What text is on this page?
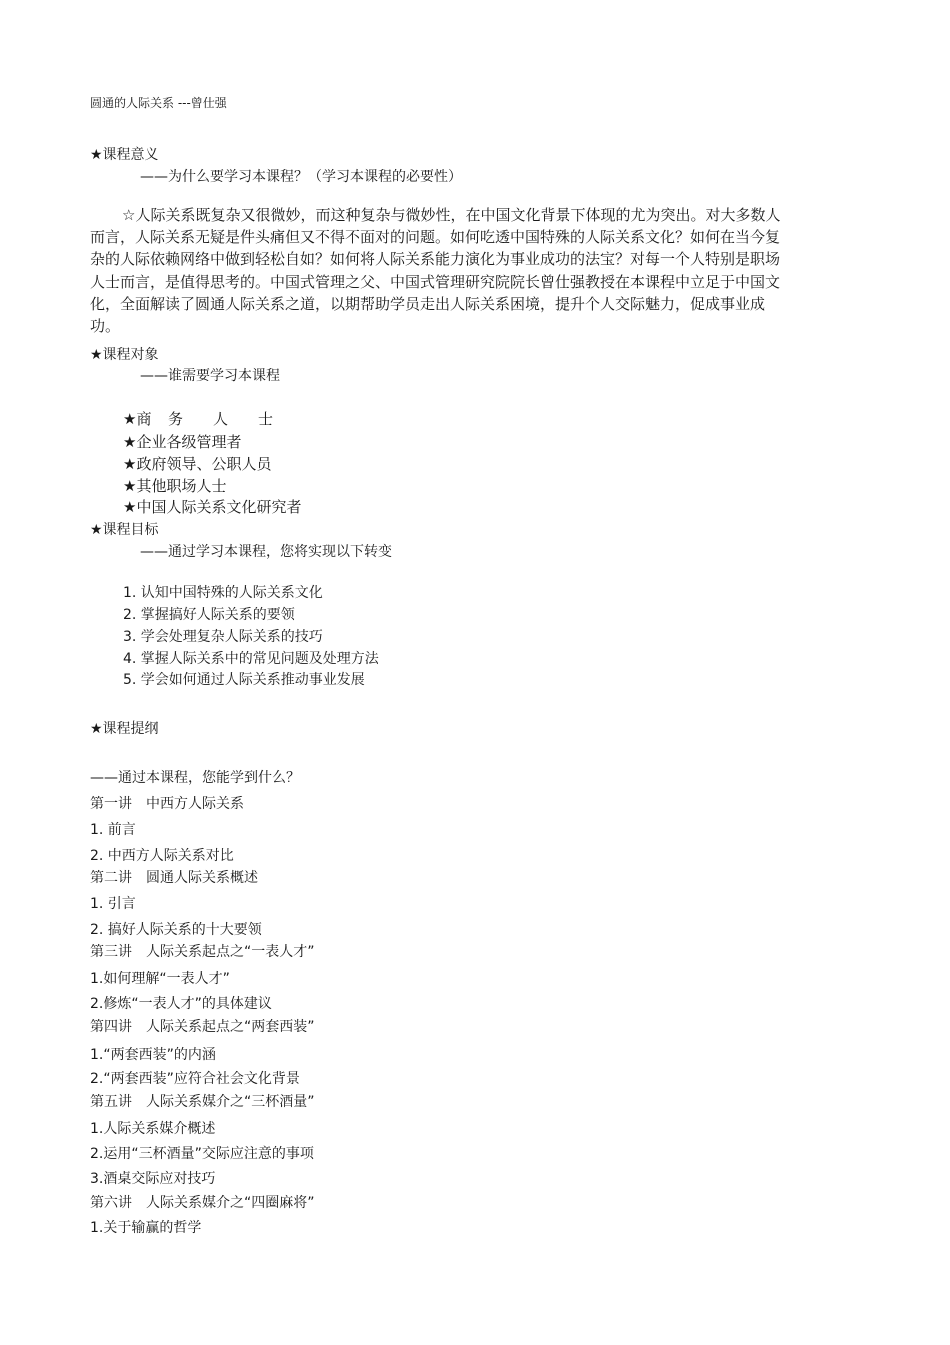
圆通的人际关系 ---曾仕强
★课程意义
——为什么要学习本课程？（学习本课程的必要性）
☆人际关系既复杂又很微妙，而这种复杂与微妙性，在中国文化背景下体现的尤为突出。对大多数人而言，人际关系无疑是件头痛但又不得不面对的问题。如何吃透中国特殊的人际关系文化？如何在当今复杂的人际依赖网络中做到轻松自如？如何将人际关系能力演化为事业成功的法宝？对每一个人特别是职场人士而言，是值得思考的。中国式管理之父、中国式管理研究院院长曾仕强教授在本课程中立足于中国文化，全面解读了圆通人际关系之道，以期帮助学员走出人际关系困境，提升个人交际魅力，促成事业成功。
★课程对象
——谁需要学习本课程
★商 务 人 士
★企业各级管理者
★政府领导、公职人员
★其他职场人士
★中国人际关系文化研究者
★课程目标
——通过学习本课程，您将实现以下转变
1. 认知中国特殊的人际关系文化
2. 掌握搞好人际关系的要领
3. 学会处理复杂人际关系的技巧
4. 掌握人际关系中的常见问题及处理方法
5. 学会如何通过人际关系推动事业发展
★课程提纲
——通过本课程，您能学到什么？
第一讲　中西方人际关系
1. 前言
2. 中西方人际关系对比
第二讲　圆通人际关系概述
1. 引言
2. 搞好人际关系的十大要领
第三讲　人际关系起点之“一表人才”
1.如何理解“一表人才”
2.修炼“一表人才”的具体建议
第四讲　人际关系起点之“两套西装”
1.“两套西装”的内涵
2.“两套西装”应符合社会文化背景
第五讲　人际关系媒介之“三杯酒量”
1.人际关系媒介概述
2.运用“三杯酒量”交际应注意的事项
3.酒桌交际应对技巧
第六讲　人际关系媒介之“四圈麻将”
1.关于输赢的哲学
